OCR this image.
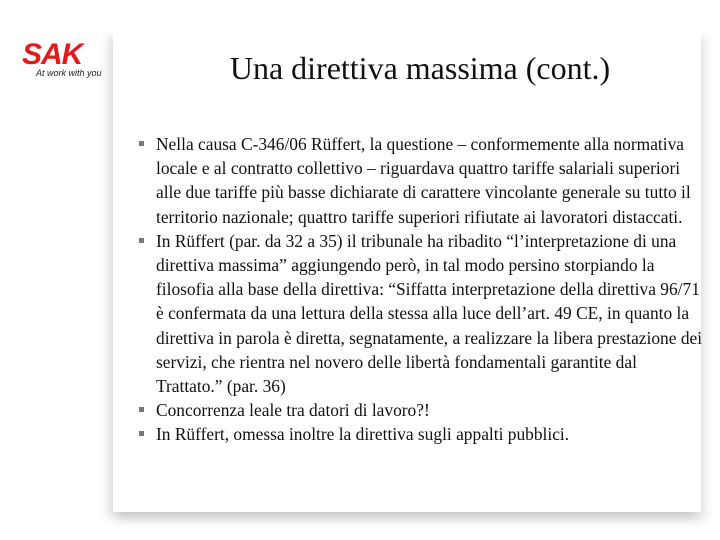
SAK
At work with you	Una direttiva massima (cont.)
Nella causa C-346/06 Rüffert, la questione – conformemente alla normativa locale e al contratto collettivo – riguardava quattro tariffe salariali superiori alle due tariffe più basse dichiarate di carattere vincolante generale su tutto il territorio nazionale; quattro tariffe superiori rifiutate ai lavoratori distaccati.
In Rüffert (par. da 32 a 35) il tribunale ha ribadito “l’interpretazione di una direttiva massima” aggiungendo però, in tal modo persino storpiando la filosofia alla base della direttiva: “Siffatta interpretazione della direttiva 96/71 è confermata da una lettura della stessa alla luce dell’art. 49 CE, in quanto la direttiva in parola è diretta, segnatamente, a realizzare la libera prestazione dei servizi, che rientra nel novero delle libertà fondamentali garantite dal Trattato.” (par. 36)
Concorrenza leale tra datori di lavoro?!
In Rüffert, omessa inoltre la direttiva sugli appalti pubblici.
